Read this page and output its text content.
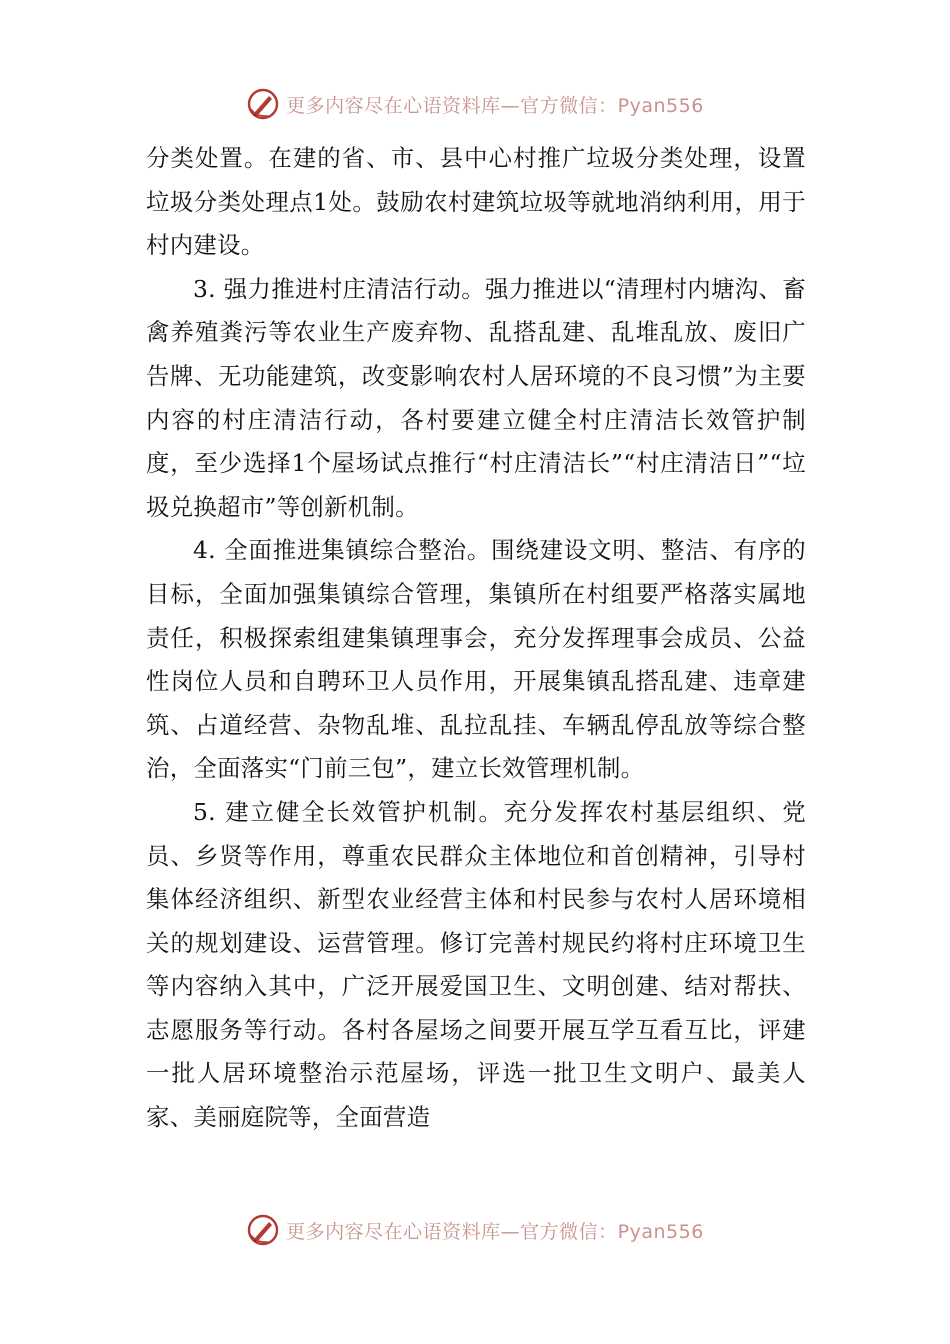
更多内容尽在心语资料库—官方微信：Pyan556

分类处置。在建的省、市、县中心村推广垃圾分类处理，设置垃圾分类处理点1处。鼓励农村建筑垃圾等就地消纳利用，用于村内建设。

3. 强力推进村庄清洁行动。强力推进以“清理村内塘沟、畜禽养殖粪污等农业生产废弃物、乱搭乱建、乱堆乱放、废旧广告牌、无功能建筑，改变影响农村人居环境的不良习惯”为主要内容的村庄清洁行动，各村要建立健全村庄清洁长效管护制度，至少选择1个屋场试点推行“村庄清洁长”“村庄清洁日”“垃圾兑换超市”等创新机制。

4. 全面推进集镇综合整治。围绕建设文明、整洁、有序的目标，全面加强集镇综合管理，集镇所在村组要严格落实属地责任，积极探索组建集镇理事会，充分发挥理事会成员、公益性岗位人员和自聘环卫人员作用，开展集镇乱搭乱建、违章建筑、占道经营、杂物乱堆、乱拉乱挂、车辆乱停乱放等综合整治，全面落实“门前三包”，建立长效管理机制。

5. 建立健全长效管护机制。充分发挥农村基层组织、党员、乡贤等作用，尊重农民群众主体地位和首创精神，引导村集体经济组织、新型农业经营主体和村民参与农村人居环境相关的规划建设、运营管理。修订完善村规民约将村庄环境卫生等内容纳入其中，广泛开展爱国卫生、文明创建、结对帮扶、志愿服务等行动。各村各屋场之间要开展互学互看互比，评建一批人居环境整治示范屋场，评选一批卫生文明户、最美人家、美丽庭院等，全面营造

更多内容尽在心语资料库—官方微信：Pyan556
